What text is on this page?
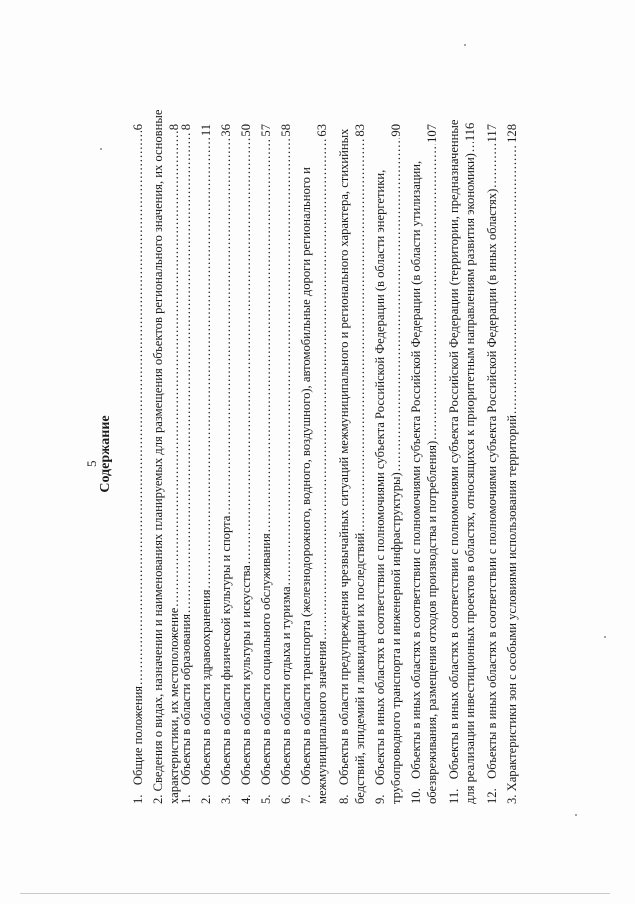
5 Содержание
1.   Общие положения
.....
6 2. Сведения о видах, назначении и наименованиях планируемых для размещения объектов регионального значения, их основные характеристики, их местоположение
.....
8
1.   Объекты в области образования
.....
8
2.   Объекты в области здравоохранения
.....
11
3.   Объекты в области физической культуры и спорта
.....
36
4.   Объекты в области культуры и искусства
.....
50
5.   Объекты в области социального обслуживания
.....
57
6.   Объекты в области отдыха и туризма
.....
58
7.   Объекты в области транспорта (железнодорожного, водного, воздушного), автомобильные дороги регионального и межмуниципального значения
.....
63 8.   Объекты в области предупреждения чрезвычайных ситуаций межмуниципального и регионального характера, стихийных бедствий, эпидемий и ликвидации их последствий
.....
83
9.   Объекты в иных областях в соответствии с полномочиями субъекта Российской Федерации (в области энергетики, трубопроводного транспорта и инженерной инфраструктуры)
.....
90
10.   Объекты в иных областях в соответствии с полномочиями субъекта Российской Федерации (в области утилизации, обезвреживания, размещения отходов производства и потребления)
.....
107 11.   Объекты в иных областях в соответствии с полномочиями субъекта Российской Федерации (территории, предназначенные для реализации инвестиционных проектов в областях, относящихся к приоритетным направлениям развития экономики)
.....
116
12.   Объекты в иных областях в соответствии с полномочиями субъекта Российской Федерации (в иных областях)
.....
117
3. Характеристики зон с особыми условиями использования территорий
.....
128
